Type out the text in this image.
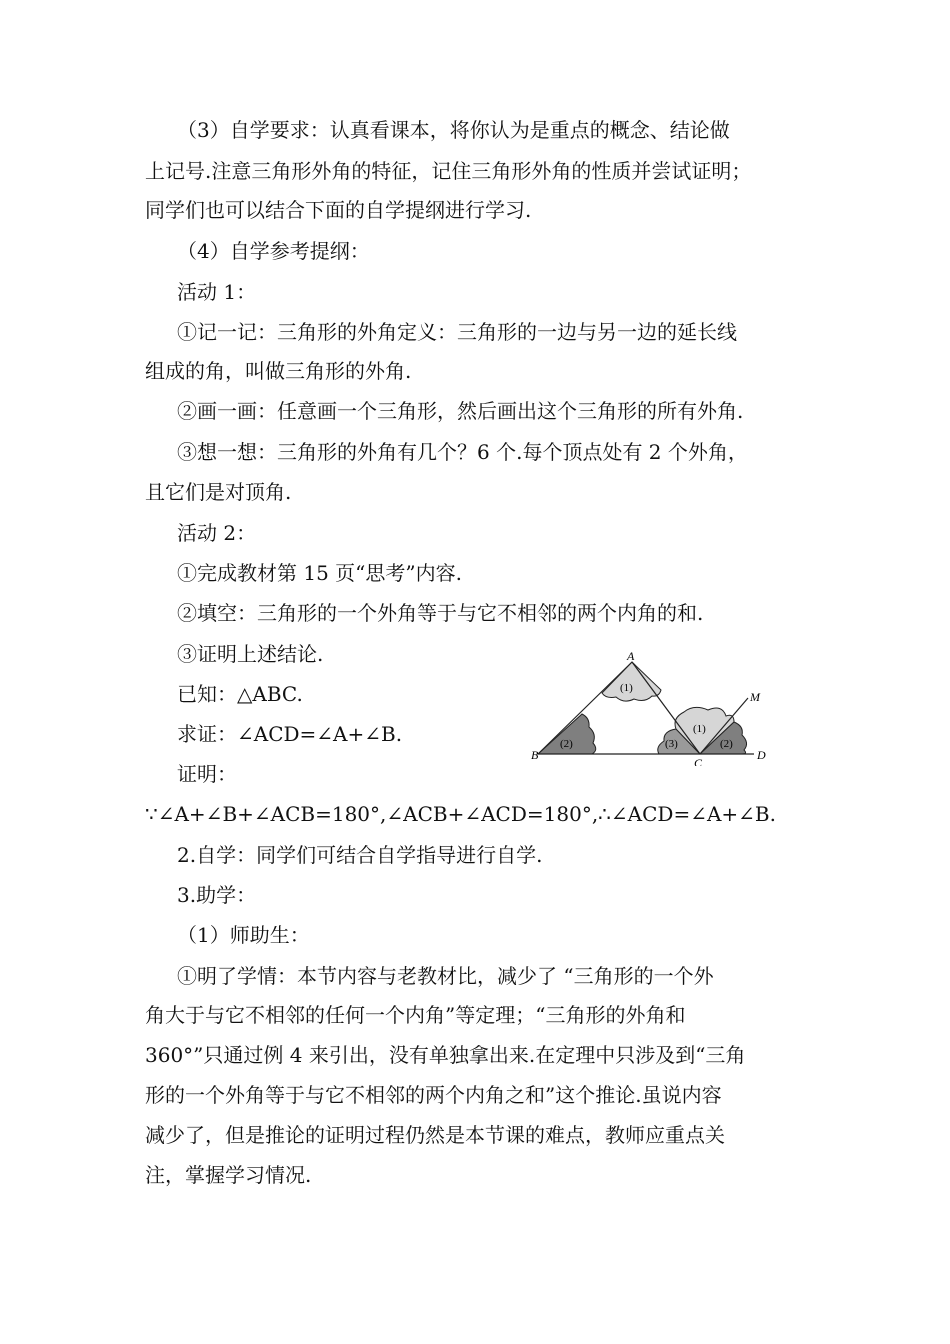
（3）自学要求：认真看课本，将你认为是重点的概念、结论做
上记号.注意三角形外角的特征，记住三角形外角的性质并尝试证明；
同学们也可以结合下面的自学提纲进行学习.
（4）自学参考提纲：
活动 1：
①记一记：三角形的外角定义：三角形的一边与另一边的延长线
组成的角，叫做三角形的外角.
②画一画：任意画一个三角形，然后画出这个三角形的所有外角.
③想一想：三角形的外角有几个？6 个.每个顶点处有 2 个外角，
且它们是对顶角.
活动 2：
①完成教材第 15 页“思考”内容.
②填空：三角形的一个外角等于与它不相邻的两个内角的和.
③证明上述结论.
已知：△ABC.
求证：∠ACD=∠A+∠B.
证明：
∵∠A+∠B+∠ACB=180°,∠ACB+∠ACD=180°,∴∠ACD=∠A+∠B.
2.自学：同学们可结合自学指导进行自学.
3.助学：
（1）师助生：
①明了学情：本节内容与老教材比，减少了 “三角形的一个外
角大于与它不相邻的任何一个内角”等定理；“三角形的外角和
360°”只通过例 4 来引出，没有单独拿出来.在定理中只涉及到“三角
形的一个外角等于与它不相邻的两个内角之和”这个推论.虽说内容
减少了，但是推论的证明过程仍然是本节课的难点，教师应重点关
注，掌握学习情况.
A
B
C
D
M
(1)
(2)	(3)
(1)
(2)
